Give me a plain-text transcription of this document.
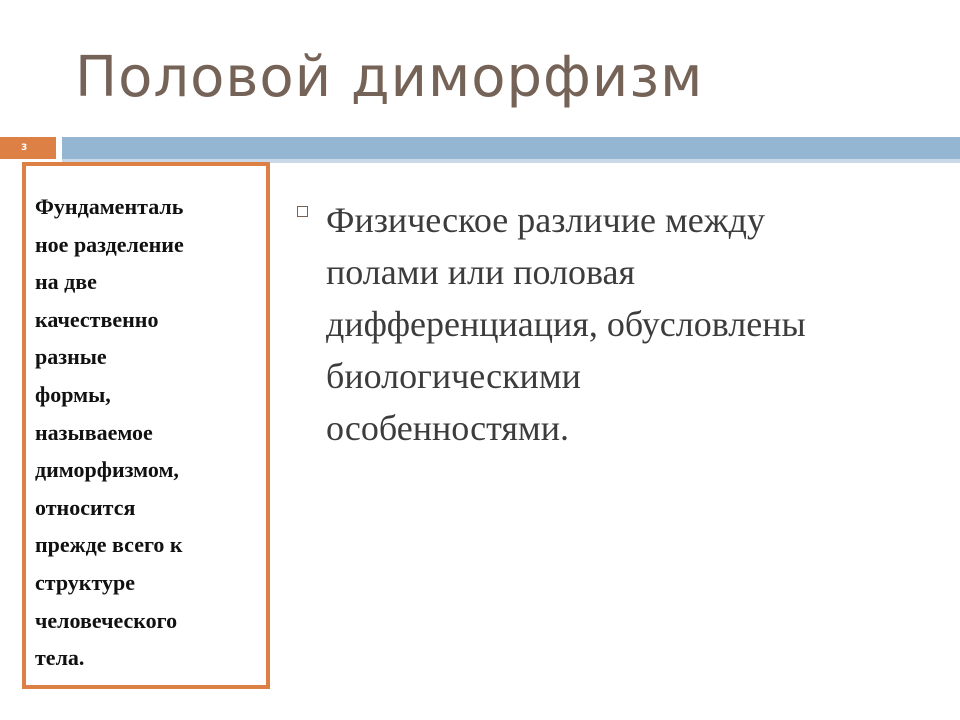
Половой диморфизм
3
Фундаменталь
ное разделение
на две
качественно
разные
формы,
называемое
диморфизмом,
относится
прежде всего к
структуре
человеческого
тела.
Физическое различие между
полами или половая
дифференциация, обусловлены
биологическими
особенностями.
